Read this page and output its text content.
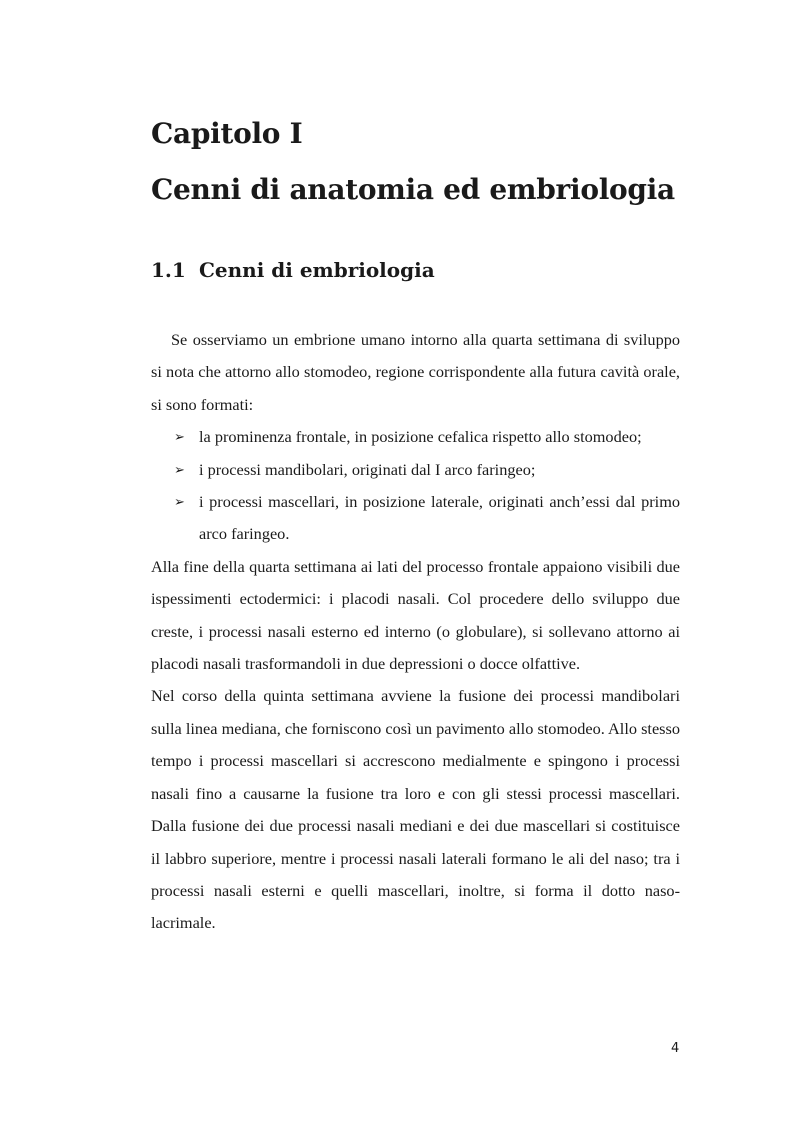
Capitolo I
Cenni di anatomia ed embriologia
1.1 Cenni di embriologia

Se osserviamo un embrione umano intorno alla quarta settimana di sviluppo si nota che attorno allo stomodeo, regione corrispondente alla futura cavità orale, si sono formati:

➢ la prominenza frontale, in posizione cefalica rispetto allo stomodeo;
➢ i processi mandibolari, originati dal I arco faringeo;
➢ i processi mascellari, in posizione laterale, originati anch’essi dal primo arco faringeo.

Alla fine della quarta settimana ai lati del processo frontale appaiono visibili due ispessimenti ectodermici: i placodi nasali. Col procedere dello sviluppo due creste, i processi nasali esterno ed interno (o globulare), si sollevano attorno ai placodi nasali trasformandoli in due depressioni o docce olfattive.

Nel corso della quinta settimana avviene la fusione dei processi mandibolari sulla linea mediana, che forniscono così un pavimento allo stomodeo. Allo stesso tempo i processi mascellari si accrescono medialmente e spingono i processi nasali fino a causarne la fusione tra loro e con gli stessi processi mascellari. Dalla fusione dei due processi nasali mediani e dei due mascellari si costituisce il labbro superiore, mentre i processi nasali laterali formano le ali del naso; tra i processi nasali esterni e quelli mascellari, inoltre, si forma il dotto naso-lacrimale.

4
